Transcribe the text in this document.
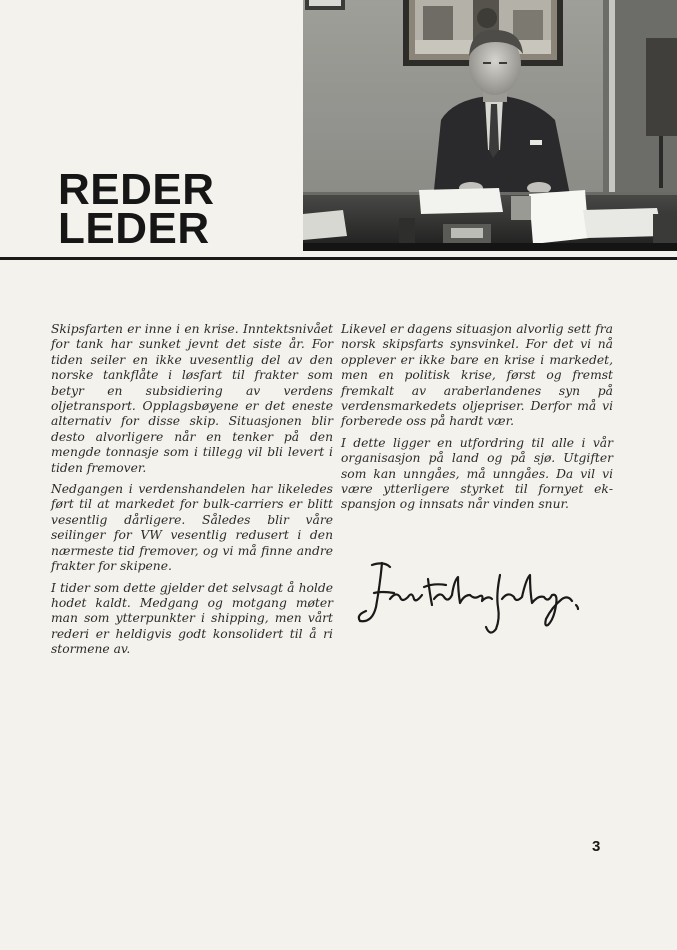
REDER
LEDER

Skipsfarten er inne i en krise. Inntektsnivået for tank har sunket jevnt det siste år. For tiden seiler en ikke uvesentlig del av den norske tankflåte i løsfart til frakter som betyr en subsidiering av verdens oljetransport. Opplagsbøyene er det eneste alternativ for disse skip. Situasjonen blir desto alvorligere når en tenker på den mengde tonnasje som i tillegg vil bli levert i tiden fremover.

Nedgangen i verdenshandelen har likeledes ført til at markedet for bulk-carriers er blitt vesentlig dårligere. Således blir våre seilinger for VW vesentlig redusert i den nærmeste tid fremover, og vi må finne andre frakter for skipene.

I tider som dette gjelder det selvsagt å holde hodet kaldt. Medgang og motgang møter man som ytterpunkter i shipping, men vårt rederi er heldigvis godt konsolidert til å ri stormene av.

Likevel er dagens situasjon alvorlig sett fra norsk skipsfarts synsvinkel. For det vi nå opplever er ikke bare en krise i markedet, men en politisk krise, først og fremst fremkalt av araberlandenes syn på verdensmarkedets oljepriser. Derfor må vi forberede oss på hardt vær.

I dette ligger en utfordring til alle i vår organisasjon på land og på sjø. Utgifter som kan unngåes, må unngåes. Da vil vi være ytterligere styrket til fornyet ekspansjon og innsats når vinden snur.

3
